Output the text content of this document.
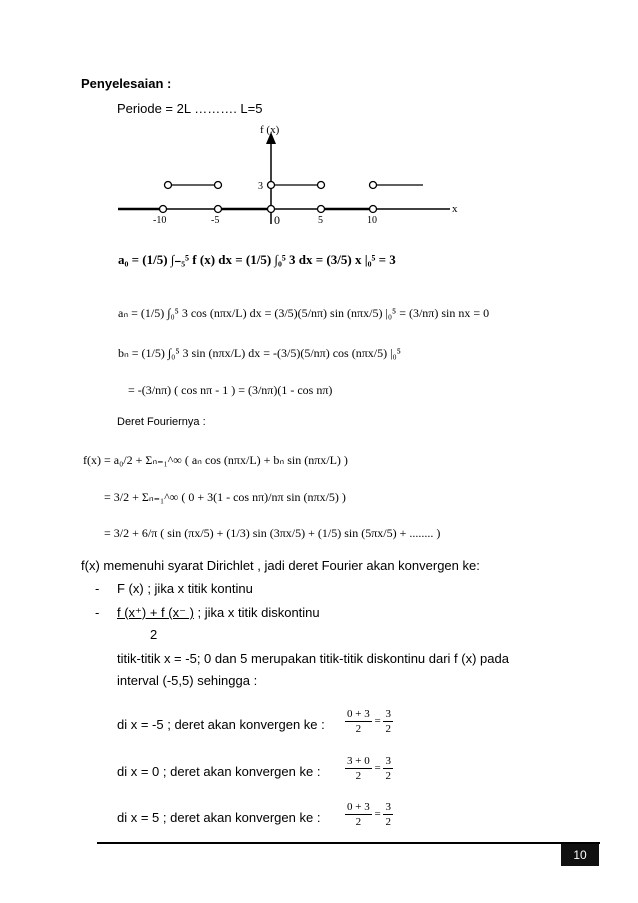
Penyelesaian :
Periode = 2L ………. L=5
f (x)
x
3
0
-10	-5	5	10
a₀ = (1/5) ∫₋₅⁵ f (x) dx = (1/5) ∫₀⁵ 3 dx = (3/5) x |₀⁵ = 3
aₙ = (1/5) ∫₀⁵ 3 cos (nπx/L) dx = (3/5)(5/nπ) sin (nπx/5) |₀⁵ = (3/nπ) sin nx = 0
bₙ = (1/5) ∫₀⁵ 3 sin (nπx/L) dx = -(3/5)(5/nπ) cos (nπx/5) |₀⁵
= -(3/nπ) ( cos nπ - 1 ) = (3/nπ)(1 - cos nπ)
Deret Fouriernya :
f(x) = a₀/2 + Σₙ₌₁^∞ ( aₙ cos (nπx/L) + bₙ sin (nπx/L) )
= 3/2 + Σₙ₌₁^∞ ( 0 + 3(1 - cos nπ)/nπ sin (nπx/5) )
= 3/2 + 6/π ( sin (πx/5) + (1/3) sin (3πx/5) + (1/5) sin (5πx/5) + ........ )
f(x) memenuhi syarat Dirichlet , jadi deret Fourier akan konvergen ke:
- F (x) ; jika x titik kontinu
- f (x⁺) + f (x⁻ ) ; jika x titik diskontinu
2
titik-titik x = -5; 0 dan 5 merupakan titik-titik diskontinu dari f (x) pada
interval (-5,5) sehingga :
di x = -5 ; deret akan konvergen ke : $\frac{0 + 3}{2} = \frac{3}{2}$
di x = 0 ; deret akan konvergen ke : $\frac{3 + 0}{2} = \frac{3}{2}$
di x = 5 ; deret akan konvergen ke : $\frac{0 + 3}{2} = \frac{3}{2}$
10
